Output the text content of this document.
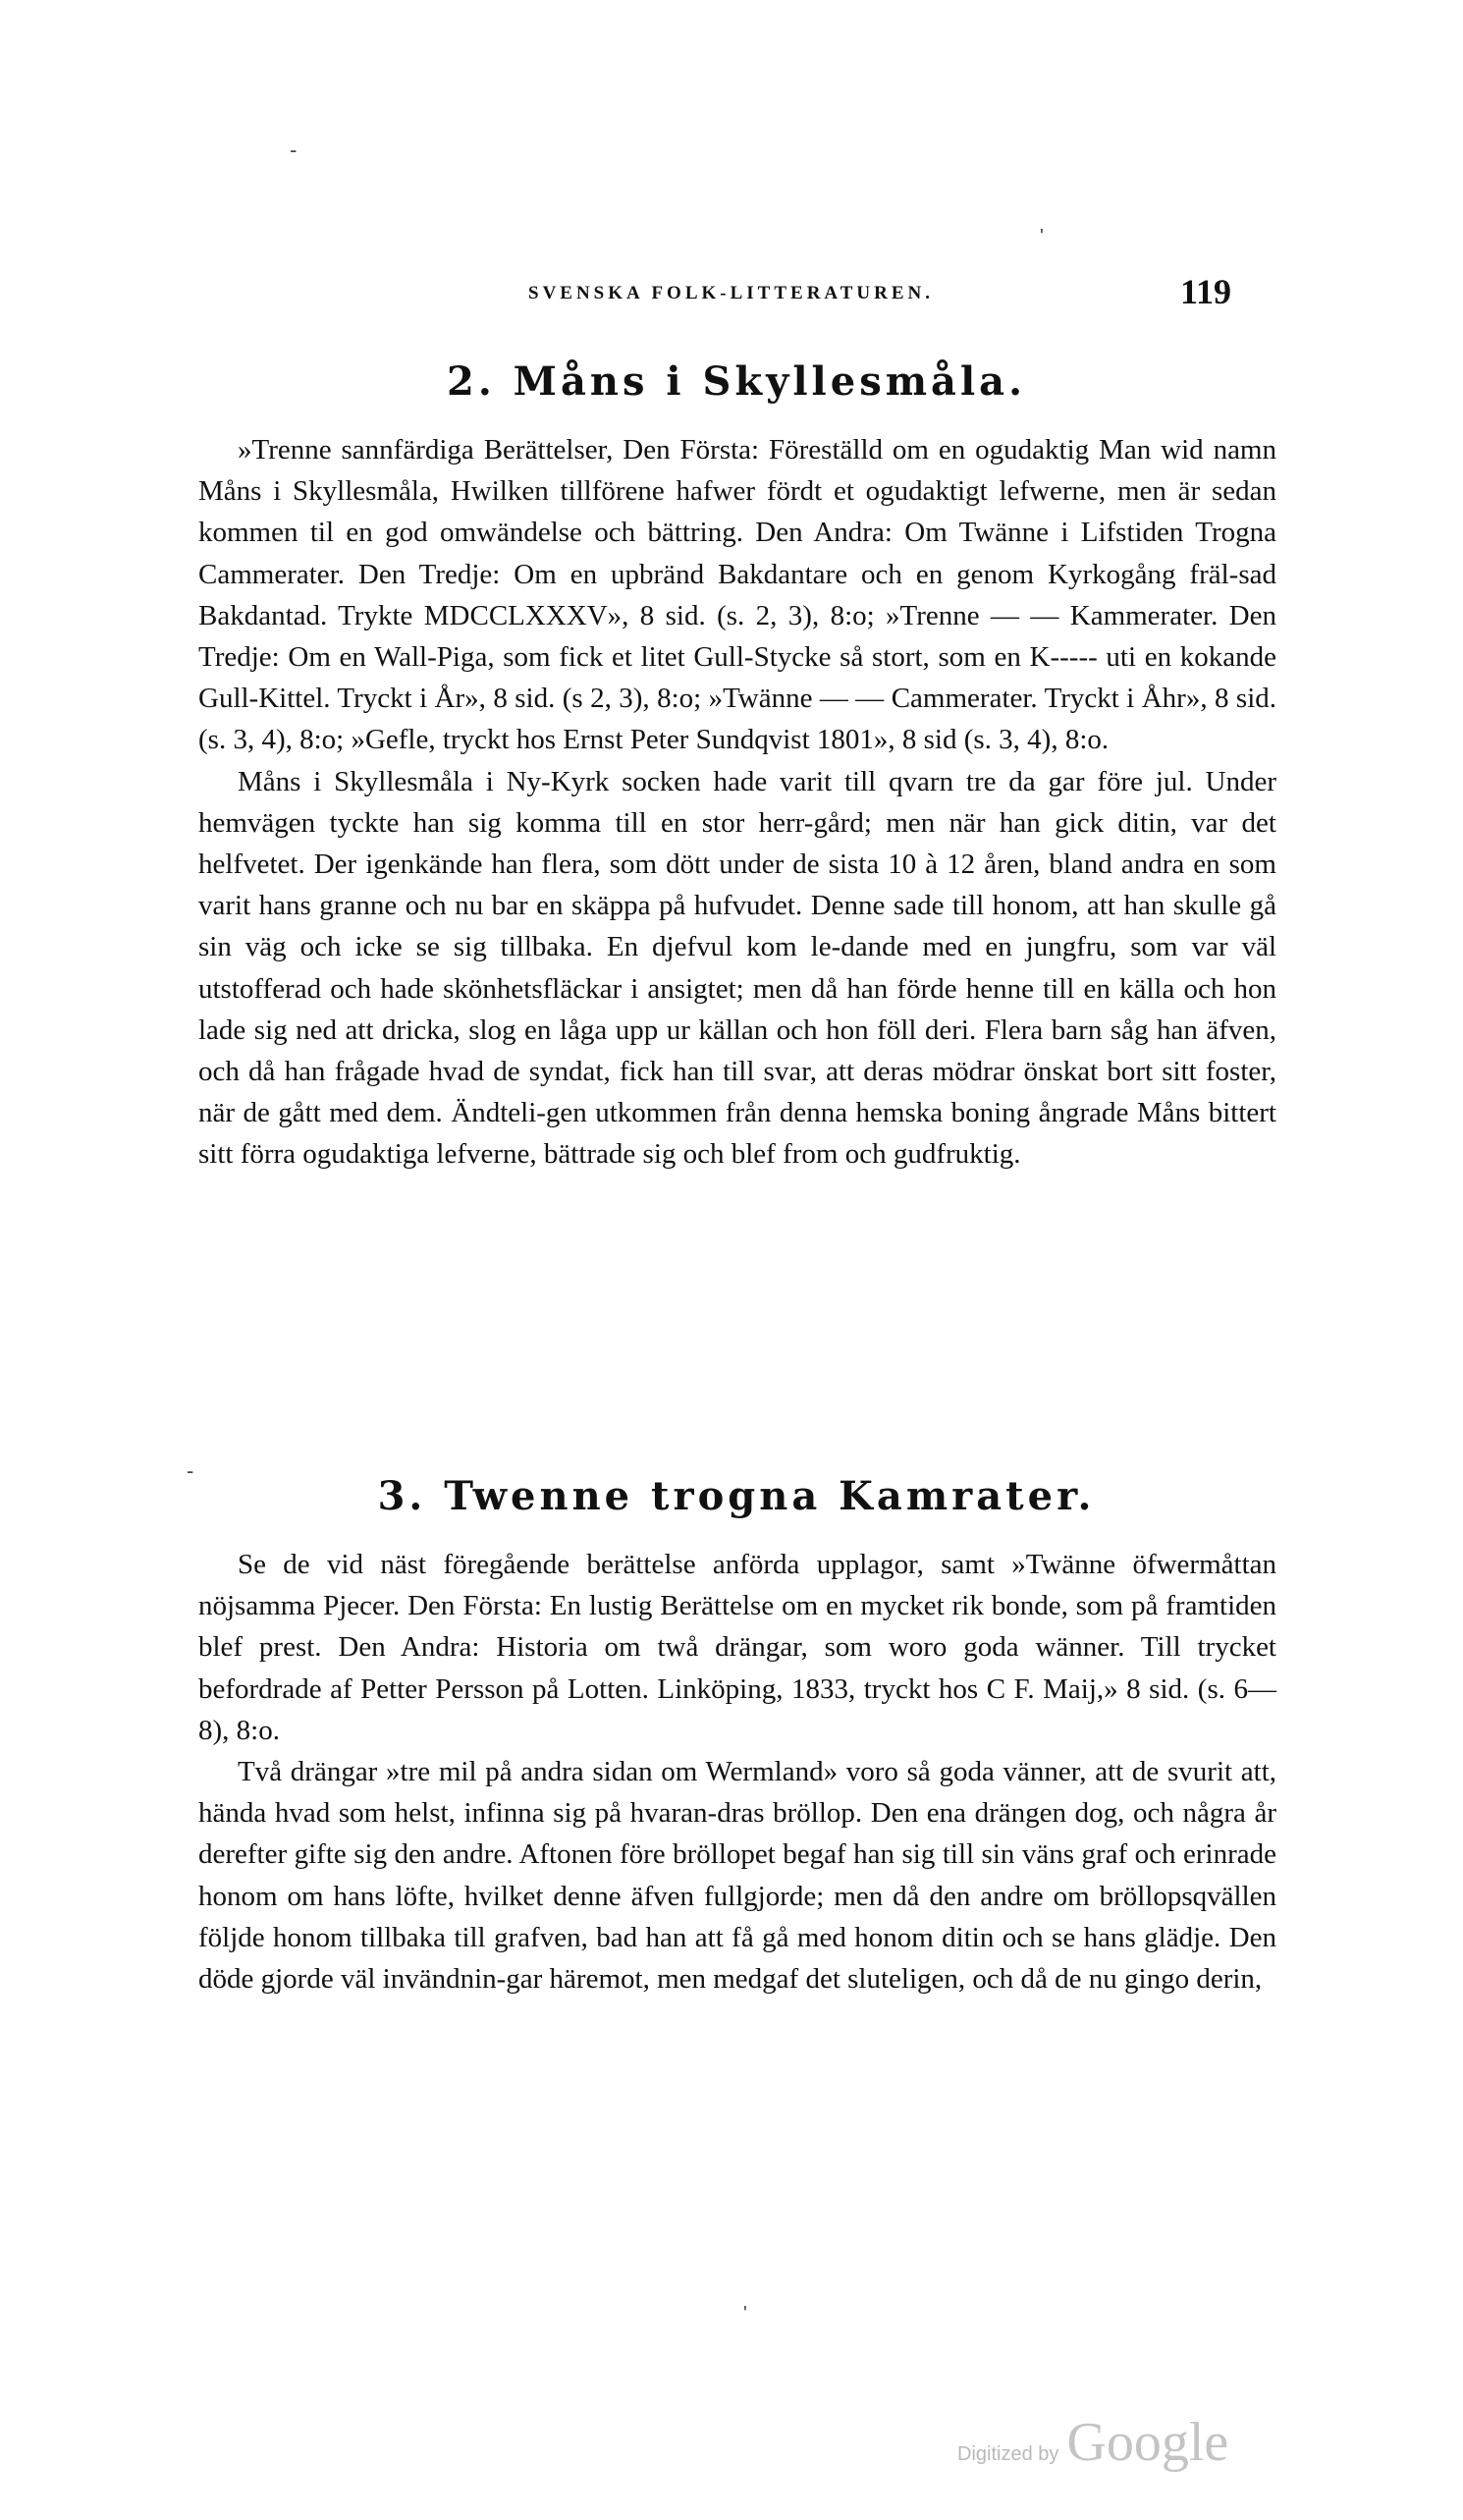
-
'
-
'
SVENSKA FOLK-LITTERATUREN.	119
2. Måns i Skyllesmåla.

»Trenne sannfärdiga Berättelser, Den Första: Föreställd om en ogudaktig Man wid namn Måns i Skyllesmåla, Hwilken tillförene hafwer fördt et ogudaktigt lefwerne, men är sedan kommen til en god omwändelse och bättring. Den Andra: Om Twänne i Lifstiden Trogna Cammerater. Den Tredje: Om en upbränd Bakdantare och en genom Kyrkogång fräl-sad Bakdantad. Trykte MDCCLXXXV», 8 sid. (s. 2, 3), 8:o; »Trenne — — Kammerater. Den Tredje: Om en Wall-Piga, som fick et litet Gull-Stycke så stort, som en K----- uti en kokande Gull-Kittel. Tryckt i År», 8 sid. (s 2, 3), 8:o; »Twänne — — Cammerater. Tryckt i Åhr», 8 sid. (s. 3, 4), 8:o; »Gefle, tryckt hos Ernst Peter Sundqvist 1801», 8 sid (s. 3, 4), 8:o.

Måns i Skyllesmåla i Ny-Kyrk socken hade varit till qvarn tre da gar före jul. Under hemvägen tyckte han sig komma till en stor herr-gård; men när han gick ditin, var det helfvetet. Der igenkände han flera, som dött under de sista 10 à 12 åren, bland andra en som varit hans granne och nu bar en skäppa på hufvudet. Denne sade till honom, att han skulle gå sin väg och icke se sig tillbaka. En djefvul kom le-dande med en jungfru, som var väl utstofferad och hade skönhetsfläckar i ansigtet; men då han förde henne till en källa och hon lade sig ned att dricka, slog en låga upp ur källan och hon föll deri. Flera barn såg han äfven, och då han frågade hvad de syndat, fick han till svar, att deras mödrar önskat bort sitt foster, när de gått med dem. Ändteli-gen utkommen från denna hemska boning ångrade Måns bittert sitt förra ogudaktiga lefverne, bättrade sig och blef from och gudfruktig.

3. Twenne trogna Kamrater.

Se de vid näst föregående berättelse anförda upplagor, samt »Twänne öfwermåttan nöjsamma Pjecer. Den Första: En lustig Berättelse om en mycket rik bonde, som på framtiden blef prest. Den Andra: Historia om twå drängar, som woro goda wänner. Till trycket befordrade af Petter Persson på Lotten. Linköping, 1833, tryckt hos C F. Maij,» 8 sid. (s. 6—8), 8:o.

Två drängar »tre mil på andra sidan om Wermland» voro så goda vänner, att de svurit att, hända hvad som helst, infinna sig på hvaran-dras bröllop. Den ena drängen dog, och några år derefter gifte sig den andre. Aftonen före bröllopet begaf han sig till sin väns graf och erinrade honom om hans löfte, hvilket denne äfven fullgjorde; men då den andre om bröllopsqvällen följde honom tillbaka till grafven, bad han att få gå med honom ditin och se hans glädje. Den döde gjorde väl invändnin-gar häremot, men medgaf det sluteligen, och då de nu gingo derin,

Digitized by Google
